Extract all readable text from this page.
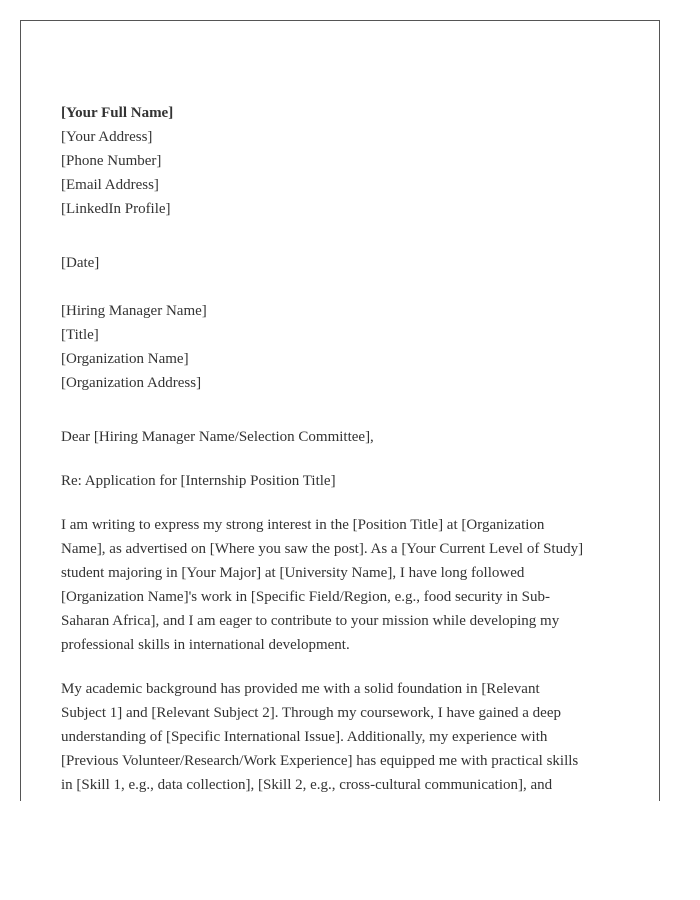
[Your Full Name]
[Your Address]
[Phone Number]
[Email Address]
[LinkedIn Profile]
[Date]
[Hiring Manager Name]
[Title]
[Organization Name]
[Organization Address]
Dear [Hiring Manager Name/Selection Committee],
Re: Application for [Internship Position Title]
I am writing to express my strong interest in the [Position Title] at [Organization
Name], as advertised on [Where you saw the post]. As a [Your Current Level of Study]
student majoring in [Your Major] at [University Name], I have long followed
[Organization Name]'s work in [Specific Field/Region, e.g., food security in Sub-
Saharan Africa], and I am eager to contribute to your mission while developing my
professional skills in international development.
My academic background has provided me with a solid foundation in [Relevant
Subject 1] and [Relevant Subject 2]. Through my coursework, I have gained a deep
understanding of [Specific International Issue]. Additionally, my experience with
[Previous Volunteer/Research/Work Experience] has equipped me with practical skills
in [Skill 1, e.g., data collection], [Skill 2, e.g., cross-cultural communication], and
